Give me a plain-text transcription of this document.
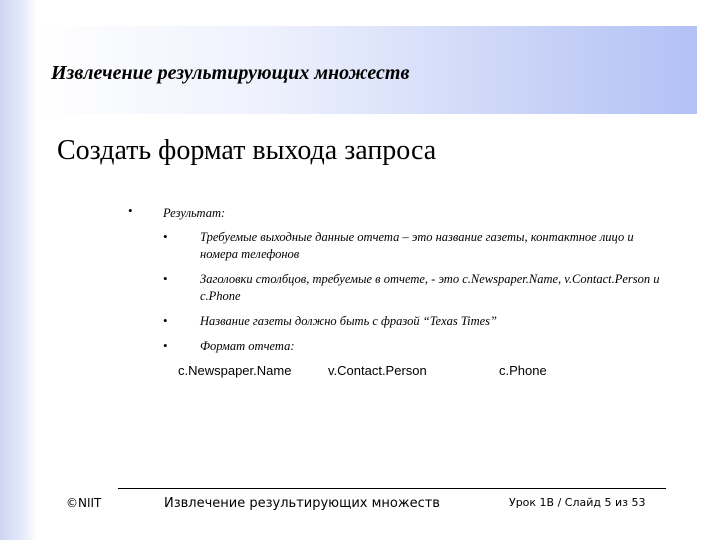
Извлечение результирующих множеств
Создать формат выхода запроса
• Результат:
•	Требуемые выходные данные отчета – это название газеты, контактное лицо и номера телефонов
•	Заголовки столбцов, требуемые в отчете, - это c.Newspaper.Name, v.Contact.Person и c.Phone
•	Название газеты должно быть с фразой “Texas Times”
•	Формат отчета:
c.Newspaper.Name	v.Contact.Person	c.Phone
©NIIT	Извлечение результирующих множеств	Урок 1B / Слайд 5 из 53
